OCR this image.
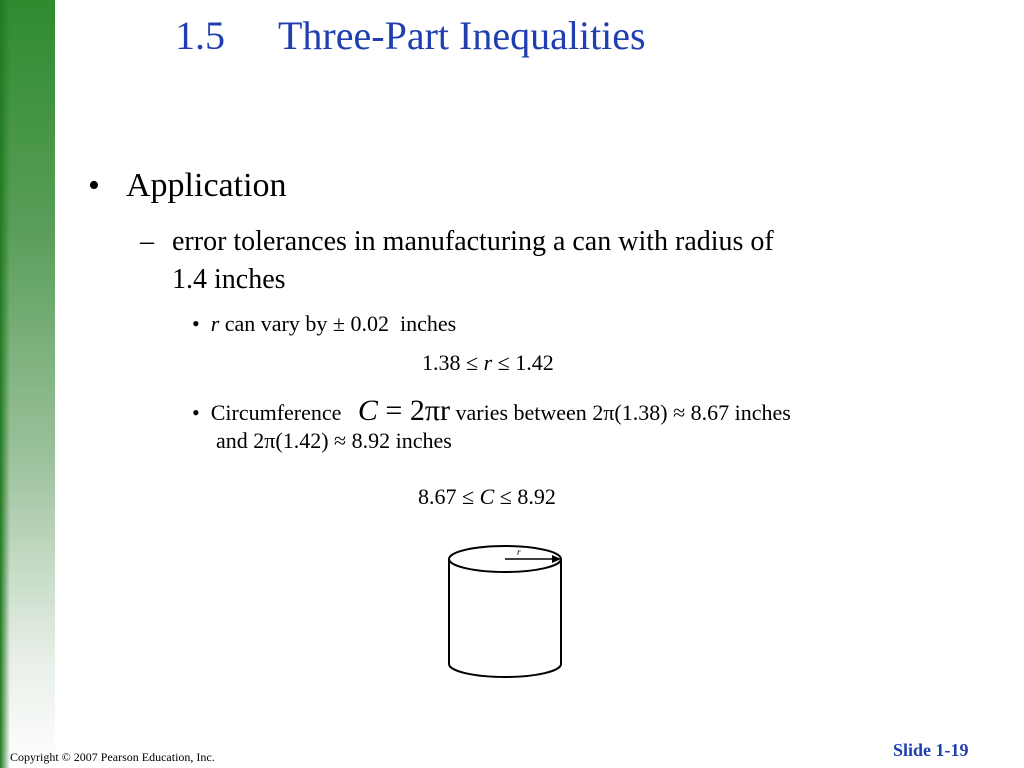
1.5 Three-Part Inequalities
• Application
– error tolerances in manufacturing a can with radius of
1.4 inches
• r can vary by ± 0.02 inches
1.38 ≤ r ≤ 1.42
• Circumference C = 2πr varies between 2π(1.38) ≈ 8.67 inches
and 2π(1.42) ≈ 8.92 inches
8.67 ≤ C ≤ 8.92
r
Copyright © 2007 Pearson Education, Inc.	Slide 1-19
